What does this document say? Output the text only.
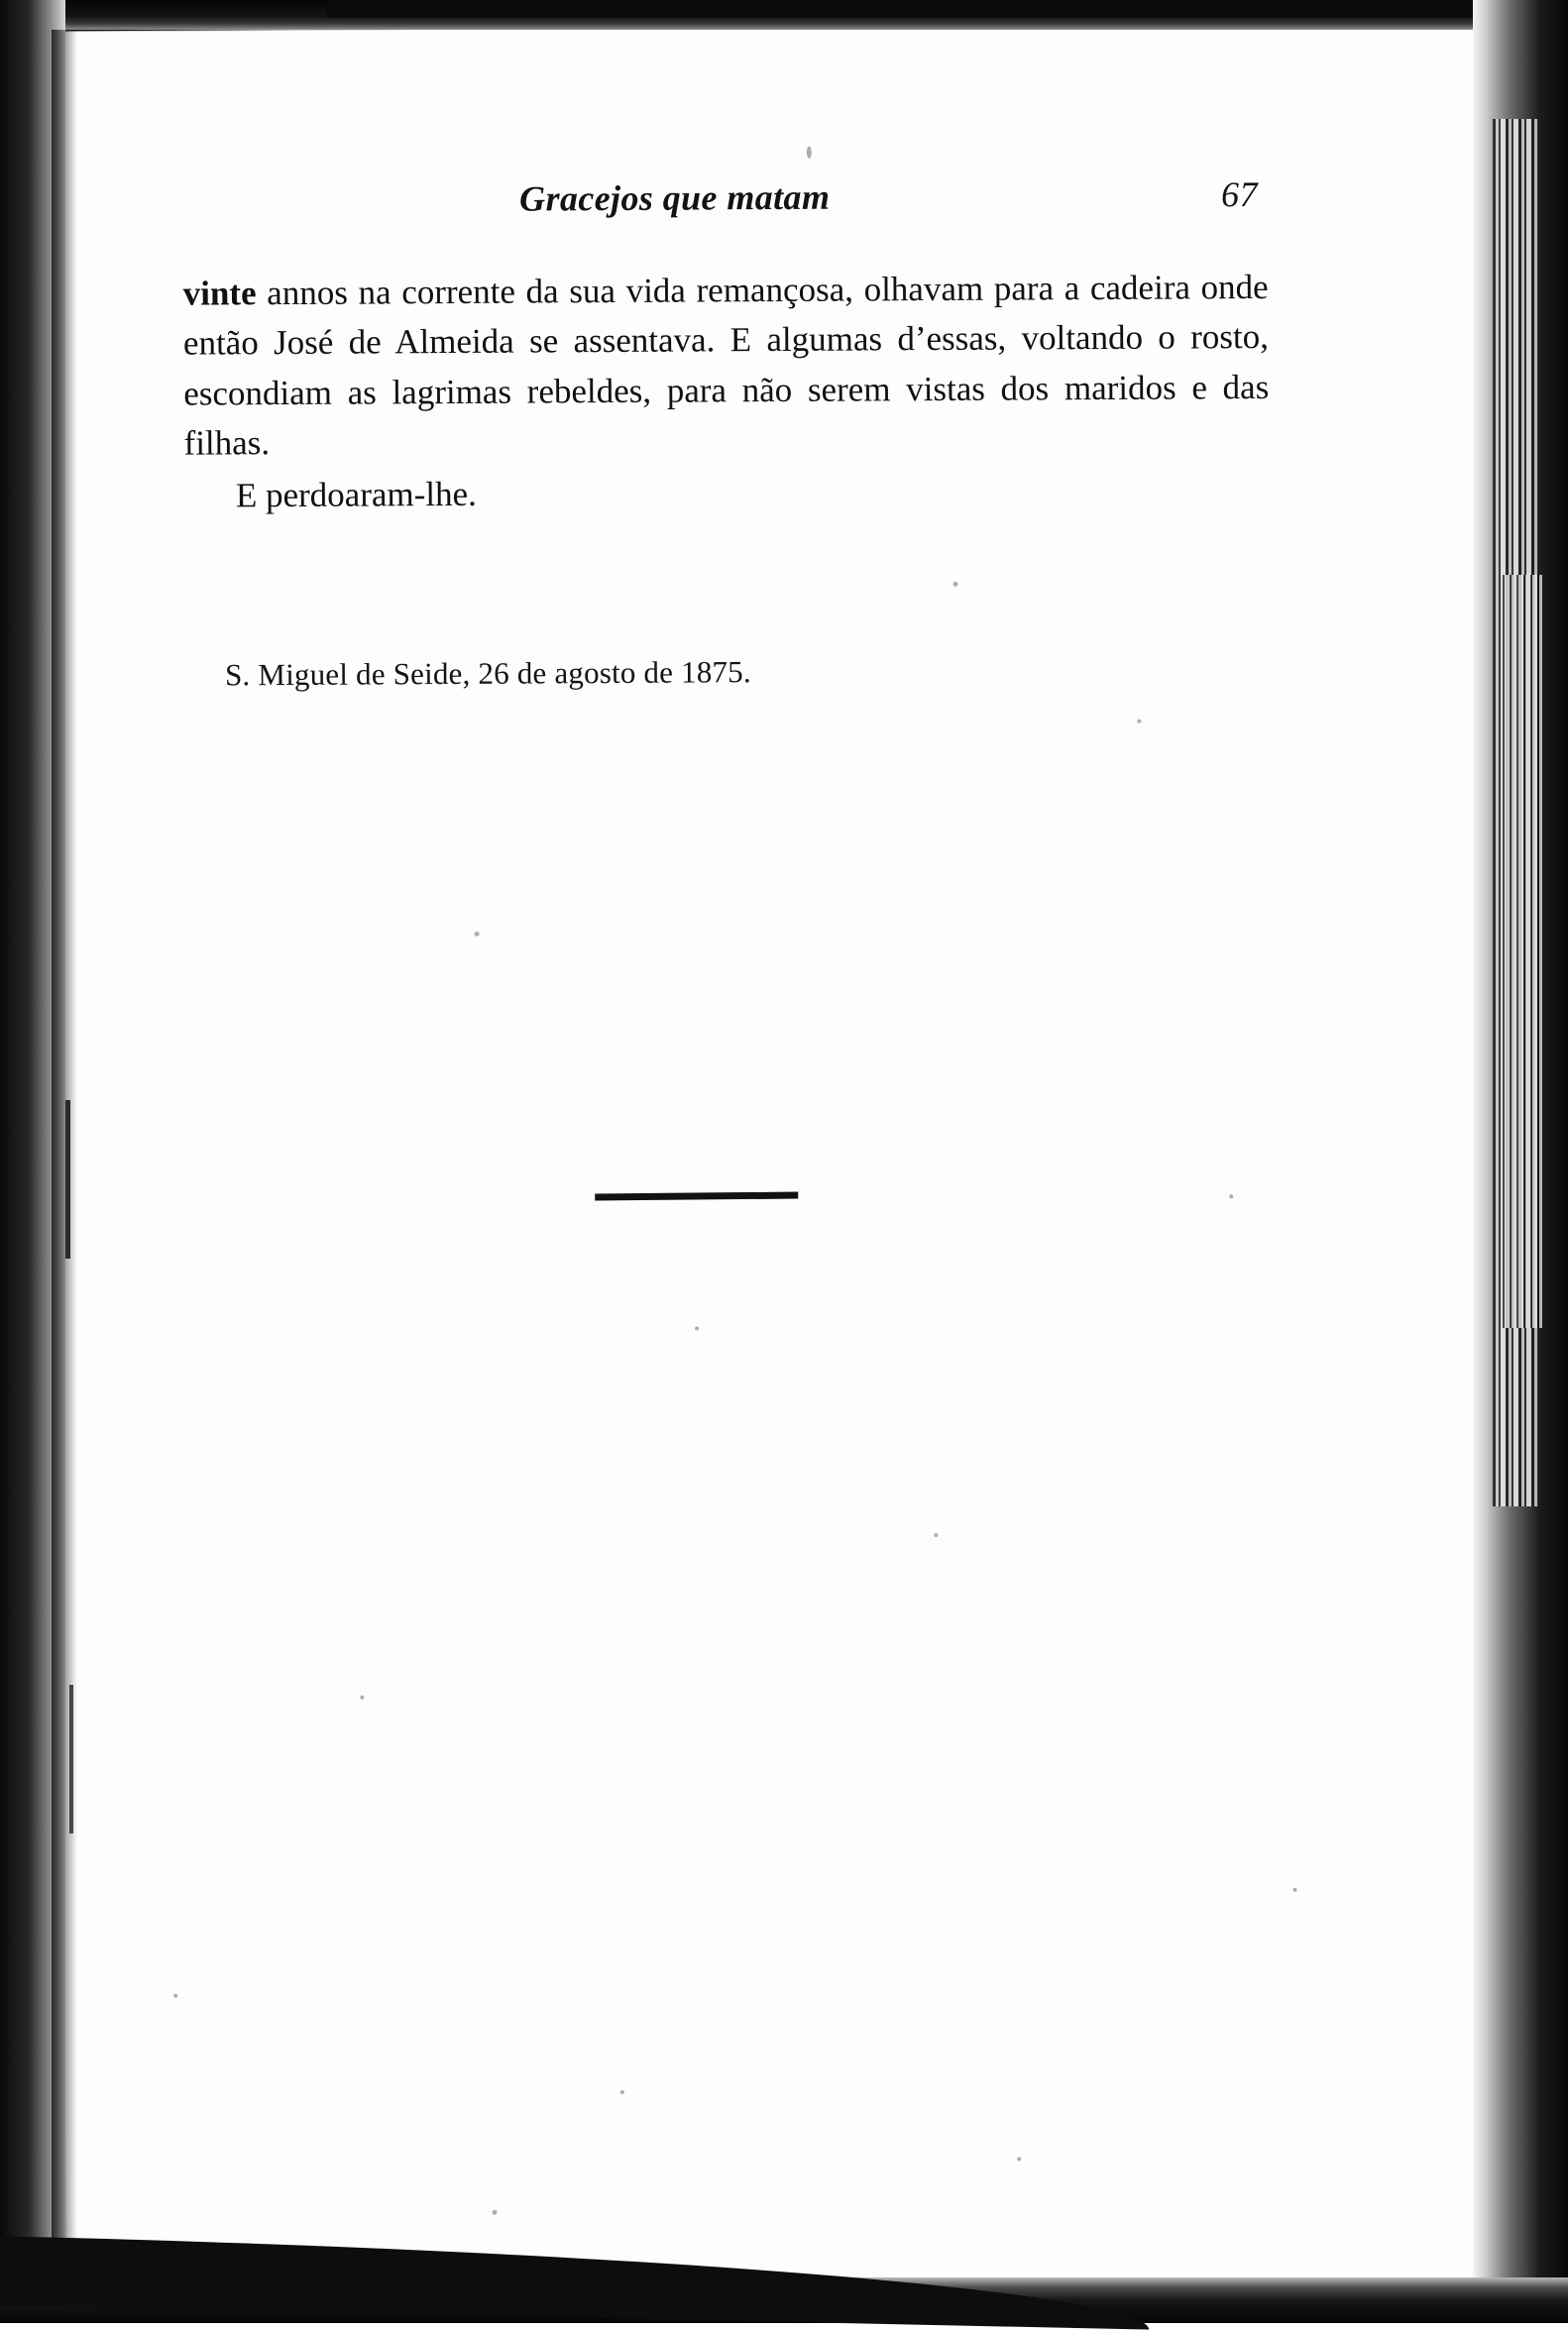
Gracejos que matam	67

vinte annos na corrente da sua vida remançosa, olhavam para a cadeira onde então José de Almeida se assentava. E algumas d’essas, voltando o rosto, escondiam as lagrimas rebeldes, para não serem vistas dos maridos e das filhas.

E perdoaram-lhe.

S. Miguel de Seide, 26 de agosto de 1875.
